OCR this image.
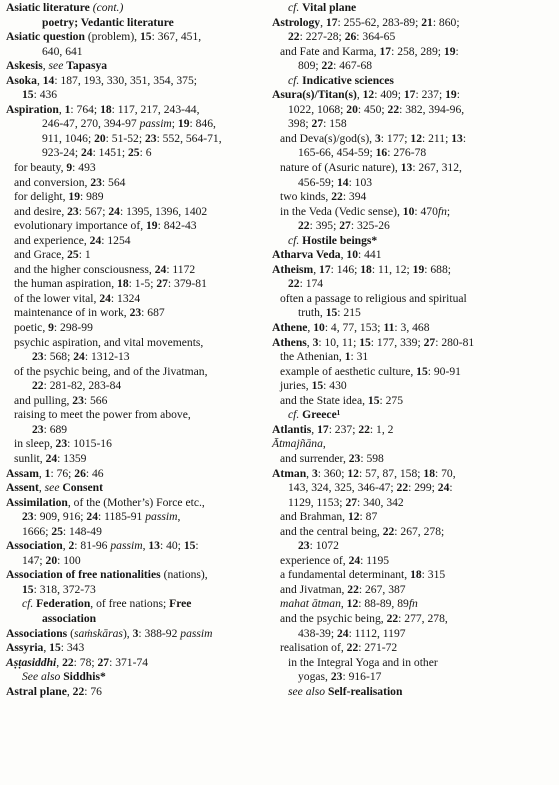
Asiatic literature (cont.)
poetry; Vedantic literature
Asiatic question (problem), 15: 367, 451,
640, 641
Askesis, see Tapasya
Asoka, 14: 187, 193, 330, 351, 354, 375;
15: 436
Aspiration, 1: 764; 18: 117, 217, 243-44,
246-47, 270, 394-97 passim; 19: 846,
911, 1046; 20: 51-52; 23: 552, 564-71,
923-24; 24: 1451; 25: 6
for beauty, 9: 493
and conversion, 23: 564
for delight, 19: 989
and desire, 23: 567; 24: 1395, 1396, 1402
evolutionary importance of, 19: 842-43
and experience, 24: 1254
and Grace, 25: 1
and the higher consciousness, 24: 1172
the human aspiration, 18: 1-5; 27: 379-81
of the lower vital, 24: 1324
maintenance of in work, 23: 687
poetic, 9: 298-99
psychic aspiration, and vital movements,
23: 568; 24: 1312-13
of the psychic being, and of the Jivatman,
22: 281-82, 283-84
and pulling, 23: 566
raising to meet the power from above,
23: 689
in sleep, 23: 1015-16
sunlit, 24: 1359
Assam, 1: 76; 26: 46
Assent, see Consent
Assimilation, of the (Mother’s) Force etc.,
23: 909, 916; 24: 1185-91 passim,
1666; 25: 148-49
Association, 2: 81-96 passim, 13: 40; 15:
147; 20: 100
Association of free nationalities (nations),
15: 318, 372-73
cf. Federation, of free nations; Free
association
Associations (saṁskāras), 3: 388-92 passim
Assyria, 15: 343
Aṣṭasiddhi, 22: 78; 27: 371-74
See also Siddhis*
Astral plane, 22: 76
cf. Vital plane
Astrology, 17: 255-62, 283-89; 21: 860;
22: 227-28; 26: 364-65
and Fate and Karma, 17: 258, 289; 19:
809; 22: 467-68
cf. Indicative sciences
Asura(s)/Titan(s), 12: 409; 17: 237; 19:
1022, 1068; 20: 450; 22: 382, 394-96,
398; 27: 158
and Deva(s)/god(s), 3: 177; 12: 211; 13:
165-66, 454-59; 16: 276-78
nature of (Asuric nature), 13: 267, 312,
456-59; 14: 103
two kinds, 22: 394
in the Veda (Vedic sense), 10: 470fn;
22: 395; 27: 325-26
cf. Hostile beings*
Atharva Veda, 10: 441
Atheism, 17: 146; 18: 11, 12; 19: 688;
22: 174
often a passage to religious and spiritual
truth, 15: 215
Athene, 10: 4, 77, 153; 11: 3, 468
Athens, 3: 10, 11; 15: 177, 339; 27: 280-81
the Athenian, 1: 31
example of aesthetic culture, 15: 90-91
juries, 15: 430
and the State idea, 15: 275
cf. Greece¹
Atlantis, 17: 237; 22: 1, 2
Ātmajñāna,
and surrender, 23: 598
Atman, 3: 360; 12: 57, 87, 158; 18: 70,
143, 324, 325, 346-47; 22: 299; 24:
1129, 1153; 27: 340, 342
and Brahman, 12: 87
and the central being, 22: 267, 278;
23: 1072
experience of, 24: 1195
a fundamental determinant, 18: 315
and Jivatman, 22: 267, 387
mahat ātman, 12: 88-89, 89fn
and the psychic being, 22: 277, 278,
438-39; 24: 1112, 1197
realisation of, 22: 271-72
in the Integral Yoga and in other
yogas, 23: 916-17
see also Self-realisation
